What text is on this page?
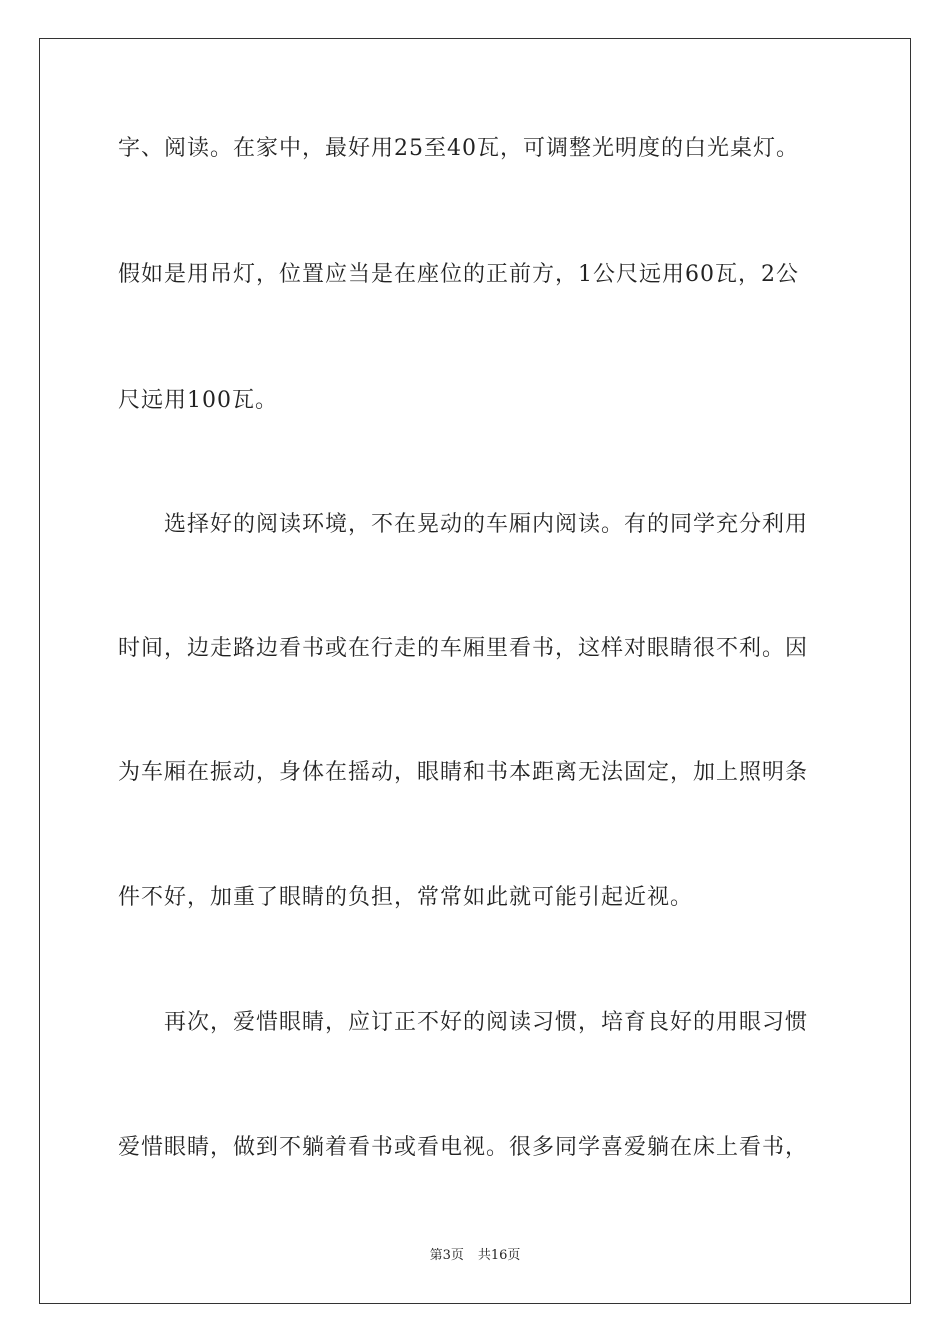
字、阅读。在家中，最好用25至40瓦，可调整光明度的白光桌灯。
假如是用吊灯，位置应当是在座位的正前方，1公尺远用60瓦，2公
尺远用100瓦。
选择好的阅读环境，不在晃动的车厢内阅读。有的同学充分利用
时间，边走路边看书或在行走的车厢里看书，这样对眼睛很不利。因
为车厢在振动，身体在摇动，眼睛和书本距离无法固定，加上照明条
件不好，加重了眼睛的负担，常常如此就可能引起近视。
再次，爱惜眼睛，应订正不好的阅读习惯，培育良好的用眼习惯
爱惜眼睛，做到不躺着看书或看电视。很多同学喜爱躺在床上看书，
第3页 共16页
